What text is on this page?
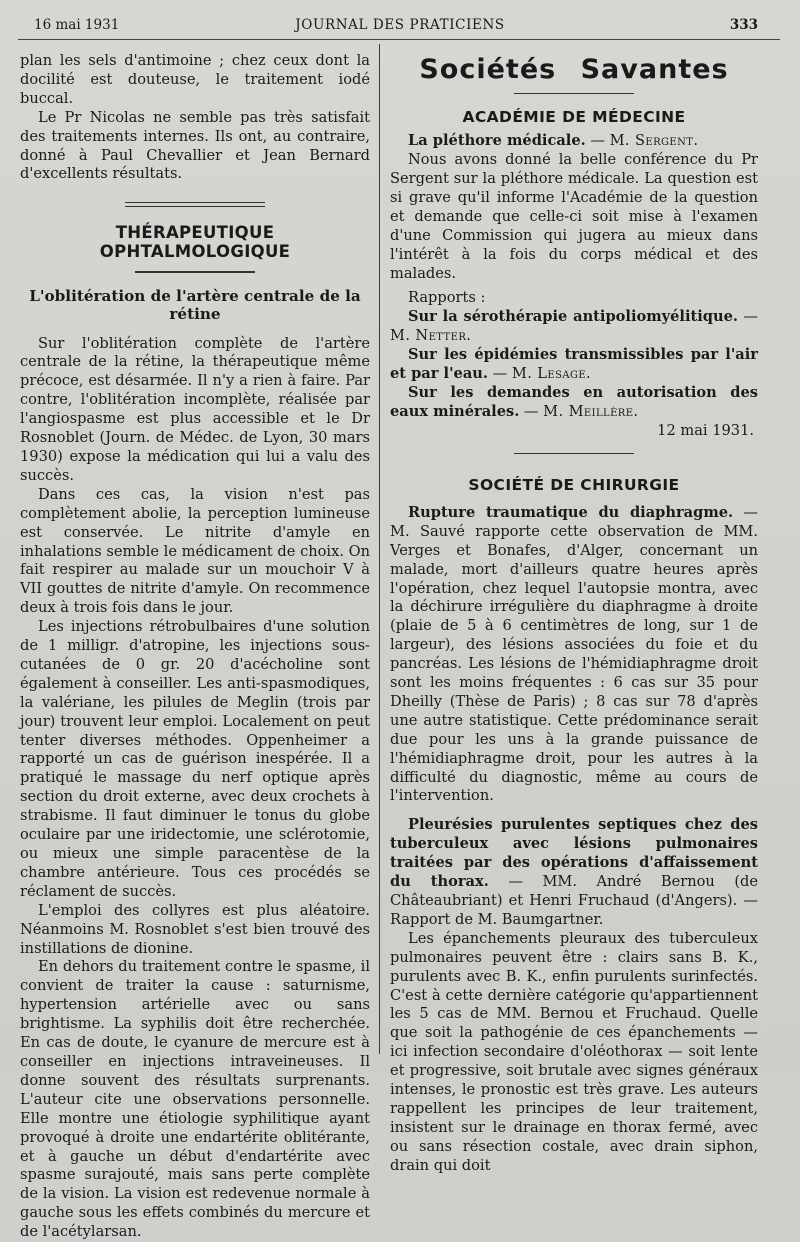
16 mai 1931	JOURNAL DES PRATICIENS	333

plan les sels d'antimoine ; chez ceux dont la docilité est douteuse, le traitement iodé buccal.

Le Pr Nicolas ne semble pas très satisfait des traitements internes. Ils ont, au contraire, donné à Paul Chevallier et Jean Bernard d'excellents résultats.

THÉRAPEUTIQUE OPHTALMOLOGIQUE
L'oblitération de l'artère centrale de la rétine

Sur l'oblitération complète de l'artère centrale de la rétine, la thérapeutique même précoce, est désarmée. Il n'y a rien à faire. Par contre, l'oblitération incomplète, réalisée par l'angiospasme est plus accessible et le Dr Rosnoblet (Journ. de Médec. de Lyon, 30 mars 1930) expose la médication qui lui a valu des succès.

Dans ces cas, la vision n'est pas complètement abolie, la perception lumineuse est conservée. Le nitrite d'amyle en inhalations semble le médicament de choix. On fait respirer au malade sur un mouchoir V à VII gouttes de nitrite d'amyle. On recommence deux à trois fois dans le jour.

Les injections rétrobulbaires d'une solution de 1 milligr. d'atropine, les injections sous-cutanées de 0 gr. 20 d'acécholine sont également à conseiller. Les anti-spasmodiques, la valériane, les pilules de Meglin (trois par jour) trouvent leur emploi. Localement on peut tenter diverses méthodes. Oppenheimer a rapporté un cas de guérison inespérée. Il a pratiqué le massage du nerf optique après section du droit externe, avec deux crochets à strabisme. Il faut diminuer le tonus du globe oculaire par une iridectomie, une sclérotomie, ou mieux une simple paracentèse de la chambre antérieure. Tous ces procédés se réclament de succès.

L'emploi des collyres est plus aléatoire. Néanmoins M. Rosnoblet s'est bien trouvé des instillations de dionine.

En dehors du traitement contre le spasme, il convient de traiter la cause : saturnisme, hypertension artérielle avec ou sans brightisme. La syphilis doit être recherchée. En cas de doute, le cyanure de mercure est à conseiller en injections intraveineuses. Il donne souvent des résultats surprenants. L'auteur cite une observations personnelle. Elle montre une étiologie syphilitique ayant provoqué à droite une endartérite oblitérante, et à gauche un début d'endartérite avec spasme surajouté, mais sans perte complète de la vision. La vision est redevenue normale à gauche sous les effets combinés du mercure et de l'acétylarsan.

Sociétés Savantes
ACADÉMIE DE MÉDECINE

La pléthore médicale. — M. Sergent.

Nous avons donné la belle conférence du Pr Sergent sur la pléthore médicale. La question est si grave qu'il informe l'Académie de la question et demande que celle-ci soit mise à l'examen d'une Commission qui jugera au mieux dans l'intérêt à la fois du corps médical et des malades.

Rapports :

Sur la sérothérapie antipoliomyélitique. — M. Netter.

Sur les épidémies transmissibles par l'air et par l'eau. — M. Lesage.

Sur les demandes en autorisation des eaux minérales. — M. Meillère.

12 mai 1931.

SOCIÉTÉ DE CHIRURGIE

Rupture traumatique du diaphragme. — M. Sauvé rapporte cette observation de MM. Verges et Bonafes, d'Alger, concernant un malade, mort d'ailleurs quatre heures après l'opération, chez lequel l'autopsie montra, avec la déchirure irrégulière du diaphragme à droite (plaie de 5 à 6 centimètres de long, sur 1 de largeur), des lésions associées du foie et du pancréas. Les lésions de l'hémidiaphragme droit sont les moins fréquentes : 6 cas sur 35 pour Dheilly (Thèse de Paris) ; 8 cas sur 78 d'après une autre statistique. Cette prédominance serait due pour les uns à la grande puissance de l'hémidiaphragme droit, pour les autres à la difficulté du diagnostic, même au cours de l'intervention.

Pleurésies purulentes septiques chez des tuberculeux avec lésions pulmonaires traitées par des opérations d'affaissement du thorax. — MM. André Bernou (de Châteaubriant) et Henri Fruchaud (d'Angers). — Rapport de M. Baumgartner.

Les épanchements pleuraux des tuberculeux pulmonaires peuvent être : clairs sans B. K., purulents avec B. K., enfin purulents surinfectés. C'est à cette dernière catégorie qu'appartiennent les 5 cas de MM. Bernou et Fruchaud. Quelle que soit la pathogénie de ces épanchements — ici infection secondaire d'oléothorax — soit lente et progressive, soit brutale avec signes généraux intenses, le pronostic est très grave. Les auteurs rappellent les principes de leur traitement, insistent sur le drainage en thorax fermé, avec ou sans résection costale, avec drain siphon, drain qui doit
